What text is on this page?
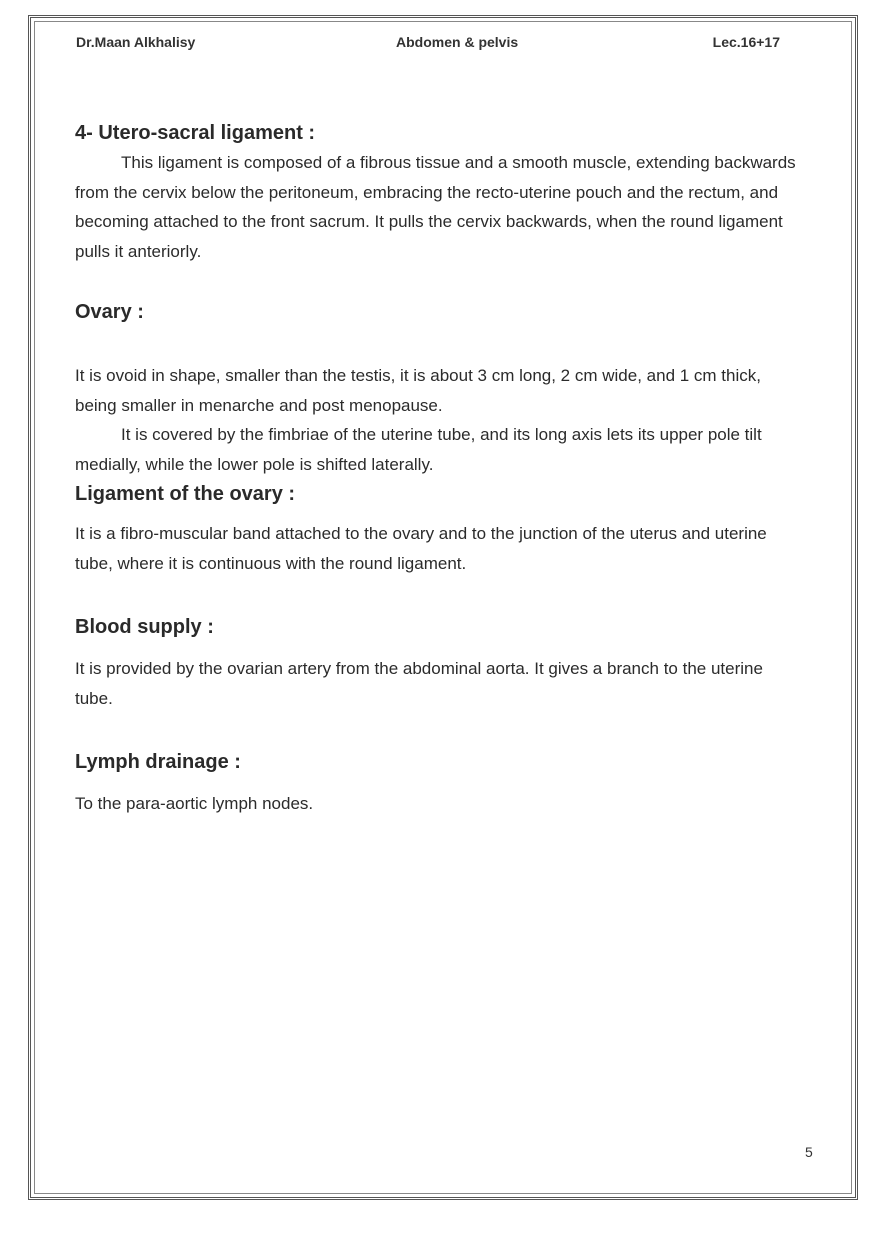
Dr.Maan Alkhalisy	Abdomen & pelvis	Lec.16+17
4- Utero-sacral ligament :

This ligament is composed of a fibrous tissue and a smooth muscle, extending backwards from the cervix below the peritoneum, embracing the recto-uterine pouch and the rectum, and becoming attached to the front sacrum. It pulls the cervix backwards, when the round ligament pulls it anteriorly.

Ovary :

It is ovoid in shape, smaller than the testis, it is about 3 cm long, 2 cm wide, and 1 cm thick, being smaller in menarche and post menopause.

It is covered by the fimbriae of the uterine tube, and its long axis lets its upper pole tilt medially, while the lower pole is shifted laterally.

Ligament of the ovary :

It is a fibro-muscular band attached to the ovary and to the junction of the uterus and uterine tube, where it is continuous with the round ligament.

Blood supply :

It is provided by the ovarian artery from the abdominal aorta. It gives a branch to the uterine tube.

Lymph drainage :

To the para-aortic lymph nodes.

5
